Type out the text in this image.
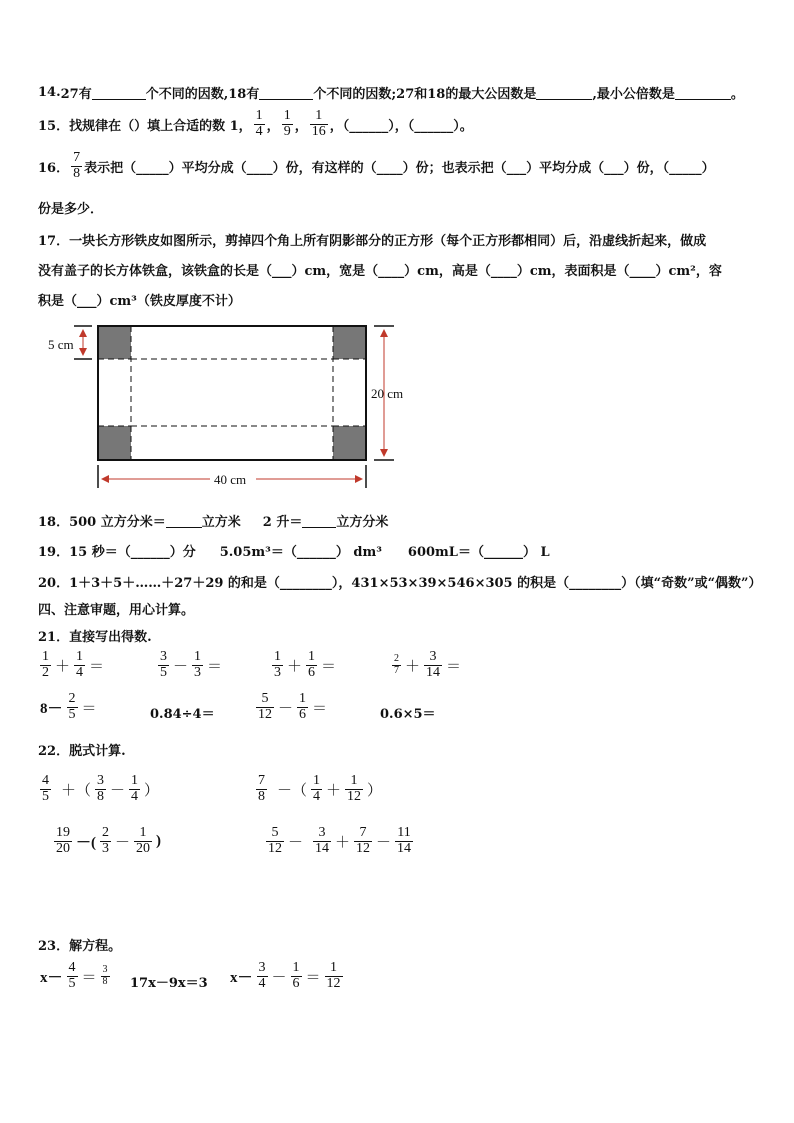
14. 27有	个不同的因数,18有	个不同的因数;27和18的最大公因数是	,最小公倍数是	。
15． 找规律在（）填上合适的数 1， $\frac{1}{4}$ ， $\frac{1}{9}$ ， $\frac{1}{16}$ ，（______），（______）。
16． $\frac{7}{8}$ 表示把（_____）平均分成（____）份，有这样的（____）份；也表示把（___）平均分成（___）份，（_____）
份是多少．
17．一块长方形铁皮如图所示，剪掉四个角上所有阴影部分的正方形（每个正方形都相同）后，沿虚线折起来，做成
没有盖子的长方体铁盒，该铁盒的长是（___）cm，宽是（____）cm，高是（____）cm，表面积是（____）cm²，容
积是（___）cm³（铁皮厚度不计）
5 cm
20 cm
40 cm
18． 500 立方分米＝	立方米 2 升＝	立方分米
19． 15 秒＝（______）分 5.05m³＝（______） dm³ 600mL＝（______） L
20．1＋3＋5＋……＋27＋29 的和是（________），431×53×39×546×305 的积是（________）（填“奇数”或“偶数”）
四、注意审题，用心计算。
21．直接写出得数.
$\frac{1}{2} + \frac{1}{4}$ ＝	$\frac{3}{5} - \frac{1}{3}$ ＝	$\frac{1}{3} + \frac{1}{6}$ ＝	$\frac{2}{7} + \frac{3}{14}$ ＝
$8- \frac{2}{5}$ ＝	0.84÷4＝	$\frac{5}{12} - \frac{1}{6}$ ＝	0.6×5＝
22．脱式计算.
$\frac{4}{5}$ ＋（ $\frac{3}{8} - \frac{1}{4}$ ）	$\frac{7}{8}$ －（ $\frac{1}{4} + \frac{1}{12}$ ）
$\frac{19}{20}$ －( $\frac{2}{3} - \frac{1}{20}$ )	$\frac{5}{12} - \frac{3}{14} + \frac{7}{12} - \frac{11}{14}$
23．解方程。
$x- \frac{4}{5} = \frac{3}{8} 17x-9x=3$ $x- \frac{3}{4} - \frac{1}{6} = \frac{1}{12}$
